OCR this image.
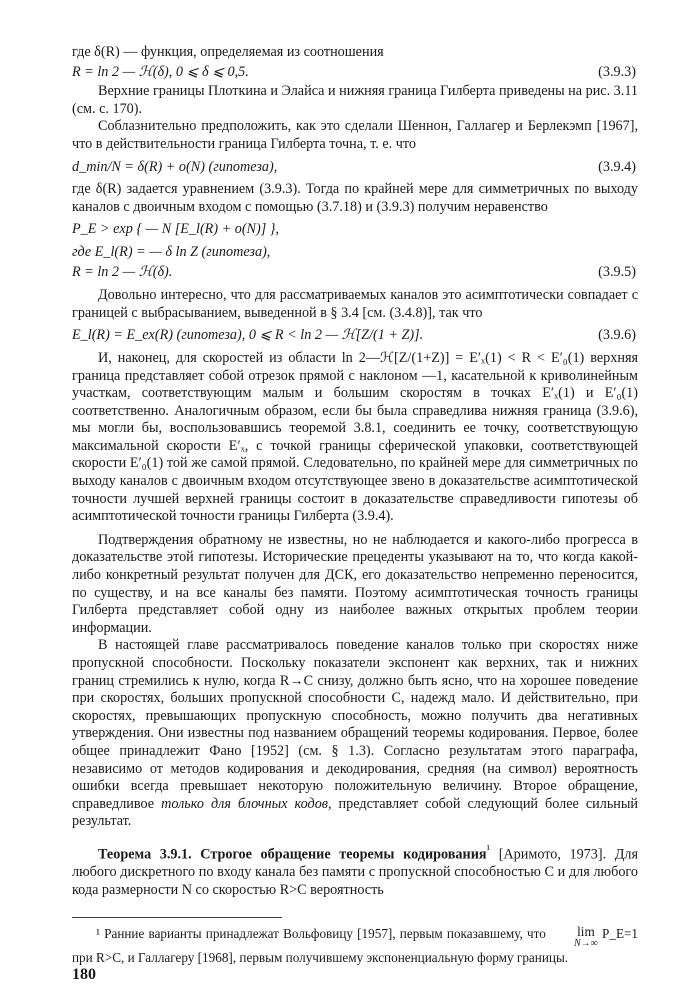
где δ(R) — функция, определяемая из соотношения

R = ln 2 — ℋ(δ), 0 ⩽ δ ⩽ 0,5.	(3.9.3)

Верхние границы Плоткина и Элайса и нижняя граница Гилберта приведены на рис. 3.11 (см. с. 170).

Соблазнительно предположить, как это сделали Шеннон, Галлагер и Берлекэмп [1967], что в действительности граница Гилберта точна, т. е. что

d_min/N = δ(R) + o(N) (гипотеза),	(3.9.4)

где δ(R) задается уравнением (3.9.3). Тогда по крайней мере для симметричных по выходу каналов с двоичным входом с помощью (3.7.18) и (3.9.3) получим неравенство

P_E > exp { — N [E_l(R) + o(N)] },
где E_l(R) = — δ ln Z (гипотеза),
R = ln 2 — ℋ(δ).	(3.9.5)

Довольно интересно, что для рассматриваемых каналов это асимптотически совпадает с границей с выбрасыванием, выведенной в § 3.4 [см. (3.4.8)], так что

E_l(R) = E_ex(R) (гипотеза), 0 ⩽ R < ln 2 — ℋ[Z/(1 + Z)].	(3.9.6)

И, наконец, для скоростей из области ln 2—ℋ[Z/(1+Z)] = E′ₓ(1) < R < E′₀(1) верхняя граница представляет собой отрезок прямой с наклоном —1, касательной к криволинейным участкам, соответствующим малым и большим скоростям в точках E′ₓ(1) и E′₀(1) соответственно. Аналогичным образом, если бы была справедлива нижняя граница (3.9.6), мы могли бы, воспользовавшись теоремой 3.8.1, соединить ее точку, соответствующую максимальной скорости E′ₓ, с точкой границы сферической упаковки, соответствующей скорости E′₀(1) той же самой прямой. Следовательно, по крайней мере для симметричных по выходу каналов с двоичным входом отсутствующее звено в доказательстве асимптотической точности лучшей верхней границы состоит в доказательстве справедливости гипотезы об асимптотической точности границы Гилберта (3.9.4).

Подтверждения обратному не известны, но не наблюдается и какого-либо прогресса в доказательстве этой гипотезы. Исторические прецеденты указывают на то, что когда какой-либо конкретный результат получен для ДСК, его доказательство непременно переносится, по существу, и на все каналы без памяти. Поэтому асимптотическая точность границы Гилберта представляет собой одну из наиболее важных открытых проблем теории информации.

В настоящей главе рассматривалось поведение каналов только при скоростях ниже пропускной способности. Поскольку показатели экспонент как верхних, так и нижних границ стремились к нулю, когда R→C снизу, должно быть ясно, что на хорошее поведение при скоростях, больших пропускной способности C, надежд мало. И действительно, при скоростях, превышающих пропускную способность, можно получить два негативных утверждения. Они известны под названием обращений теоремы кодирования. Первое, более общее принадлежит Фано [1952] (см. § 1.3). Согласно результатам этого параграфа, независимо от методов кодирования и декодирования, средняя (на символ) вероятность ошибки всегда превышает некоторую положительную величину. Второе обращение, справедливое только для блочных кодов, представляет собой следующий более сильный результат.

Теорема 3.9.1. Строгое обращение теоремы кодирования$^{^1}$ [Аримото, 1973]. Для любого дискретного по входу канала без памяти с пропускной способностью C и для любого кода размерности N со скоростью R>C вероятность

¹ Ранние варианты принадлежат Вольфовицу [1957], первым показавшему, что lim
N→∞
P_E=1 при R>C, и Галлагеру [1968], первым получившему экспоненциальную форму границы.

180
